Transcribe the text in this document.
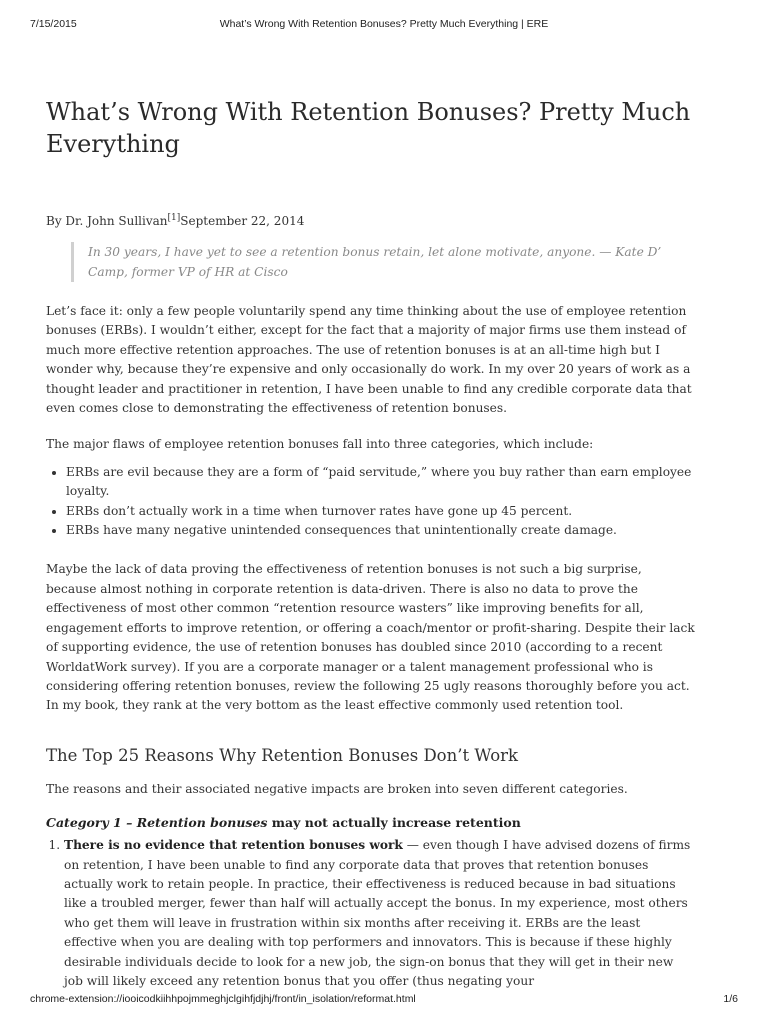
7/15/2015	What’s Wrong With Retention Bonuses? Pretty Much Everything | ERE
What’s Wrong With Retention Bonuses? Pretty Much Everything
By Dr. John Sullivan[1]September 22, 2014
In 30 years, I have yet to see a retention bonus retain, let alone motivate, anyone. — Kate D’ Camp, former VP of HR at Cisco

Let’s face it: only a few people voluntarily spend any time thinking about the use of employee retention bonuses (ERBs). I wouldn’t either, except for the fact that a majority of major firms use them instead of much more effective retention approaches. The use of retention bonuses is at an all-time high but I wonder why, because they’re expensive and only occasionally do work. In my over 20 years of work as a thought leader and practitioner in retention, I have been unable to find any credible corporate data that even comes close to demonstrating the effectiveness of retention bonuses.

The major flaws of employee retention bonuses fall into three categories, which include:

• ERBs are evil because they are a form of “paid servitude,” where you buy rather than earn employee loyalty.
• ERBs don’t actually work in a time when turnover rates have gone up 45 percent.
• ERBs have many negative unintended consequences that unintentionally create damage.

Maybe the lack of data proving the effectiveness of retention bonuses is not such a big surprise, because almost nothing in corporate retention is data-driven. There is also no data to prove the effectiveness of most other common “retention resource wasters” like improving benefits for all, engagement efforts to improve retention, or offering a coach/mentor or profit-sharing. Despite their lack of supporting evidence, the use of retention bonuses has doubled since 2010 (according to a recent WorldatWork survey). If you are a corporate manager or a talent management professional who is considering offering retention bonuses, review the following 25 ugly reasons thoroughly before you act. In my book, they rank at the very bottom as the least effective commonly used retention tool.

The Top 25 Reasons Why Retention Bonuses Don’t Work

The reasons and their associated negative impacts are broken into seven different categories.

Category 1 – Retention bonuses may not actually increase retention
1. There is no evidence that retention bonuses work — even though I have advised dozens of firms on retention, I have been unable to find any corporate data that proves that retention bonuses actually work to retain people. In practice, their effectiveness is reduced because in bad situations like a troubled merger, fewer than half will actually accept the bonus. In my experience, most others who get them will leave in frustration within six months after receiving it. ERBs are the least effective when you are dealing with top performers and innovators. This is because if these highly desirable individuals decide to look for a new job, the sign-on bonus that they will get in their new job will likely exceed any retention bonus that you offer (thus negating your
chrome-extension://iooicodkiihhpojmmeghjclgihfjdjhj/front/in_isolation/reformat.html	1/6
